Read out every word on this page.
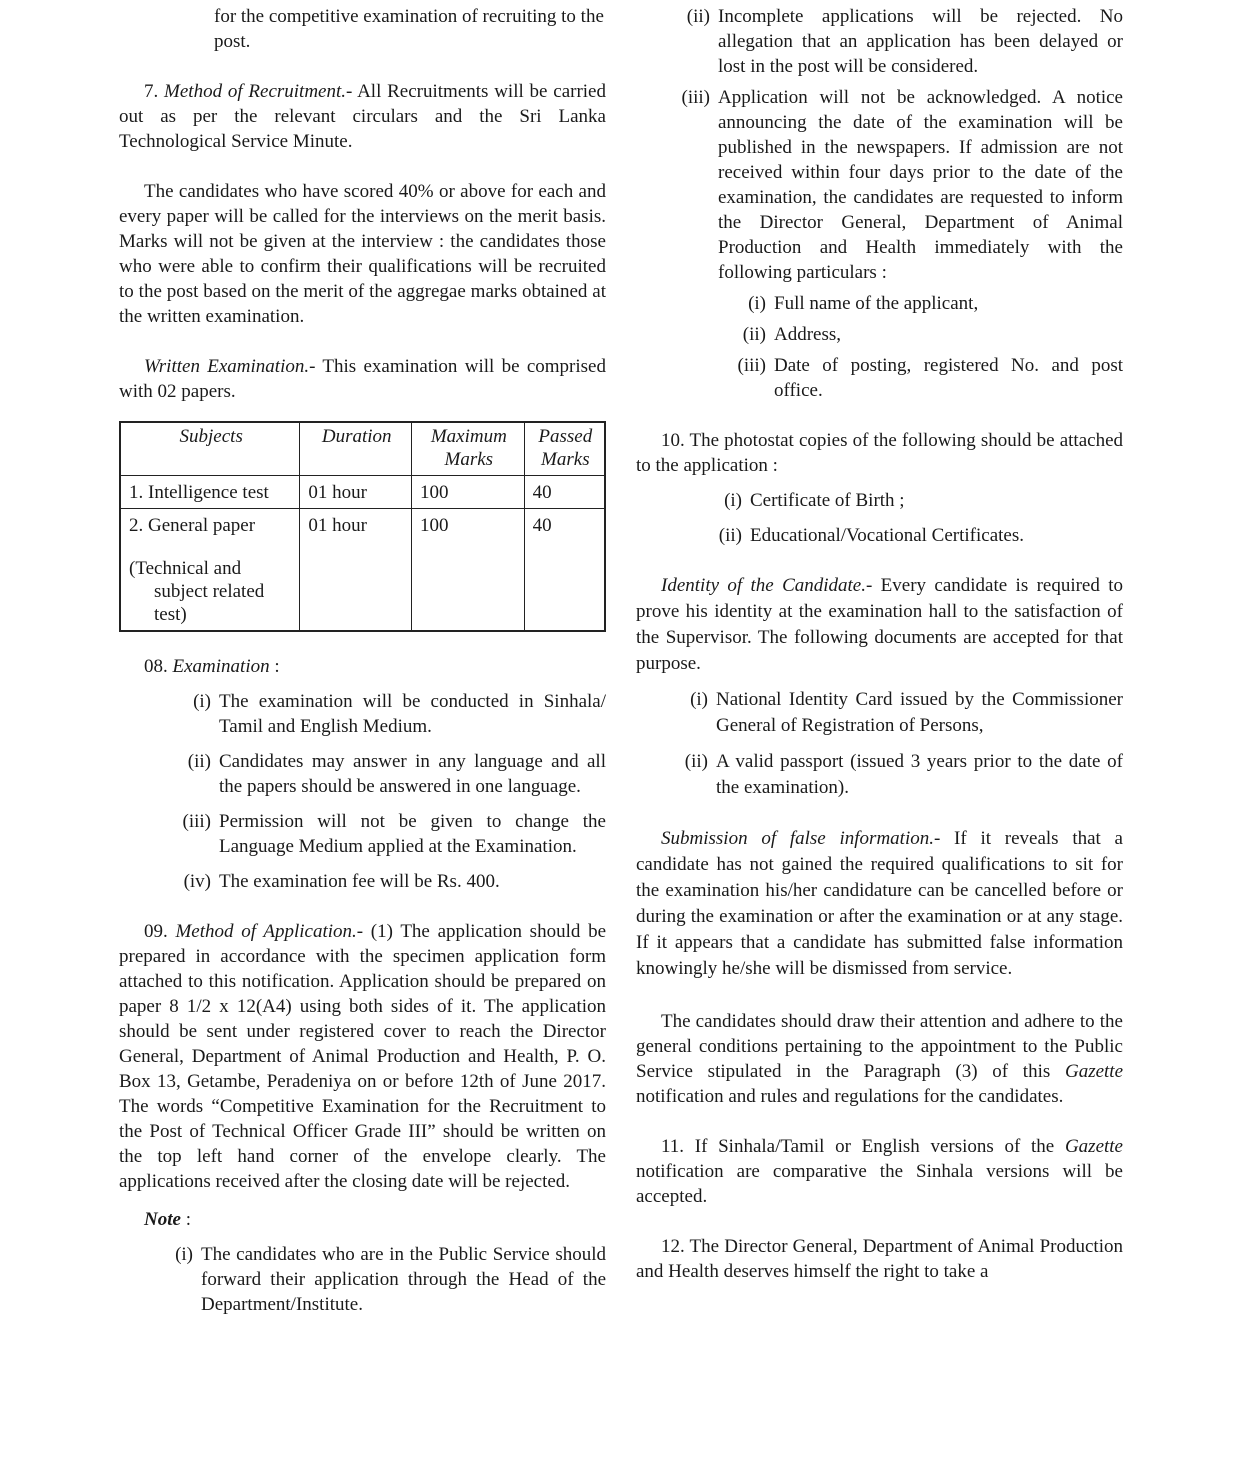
for the competitive examination of recruiting to the post.

7. Method of Recruitment.- All Recruitments will be carried out as per the relevant circulars and the Sri Lanka Technological Service Minute.

The candidates who have scored 40% or above for each and every paper will be called for the interviews on the merit basis. Marks will not be given at the interview : the candidates those who were able to confirm their qualifications will be recruited to the post based on the merit of the aggregae marks obtained at the written examination.

Written Examination.- This examination will be comprised with 02 papers.

Subjects	Duration	Maximum Marks	Passed Marks
1. Intelligence test	01 hour	100	40

2. General paper
(Technical and
subject related
test)	01 hour	100	40

08. Examination :

(i) The examination will be conducted in Sinhala/ Tamil and English Medium.
(ii) Candidates may answer in any language and all the papers should be answered in one language.
(iii) Permission will not be given to change the Language Medium applied at the Examination.
(iv) The examination fee will be Rs. 400.

09. Method of Application.- (1) The application should be prepared in accordance with the specimen application form attached to this notification. Application should be prepared on paper 8 1/2 x 12(A4) using both sides of it. The application should be sent under registered cover to reach the Director General, Department of Animal Production and Health, P. O. Box 13, Getambe, Peradeniya on or before 12th of June 2017. The words “Competitive Examination for the Recruitment to the Post of Technical Officer Grade III” should be written on the top left hand corner of the envelope clearly. The applications received after the closing date will be rejected.

Note :

(i) The candidates who are in the Public Service should forward their application through the Head of the Department/Institute.
(ii) Incomplete applications will be rejected. No allegation that an application has been delayed or lost in the post will be considered.
(iii) Application will not be acknowledged. A notice announcing the date of the examination will be published in the newspapers. If admission are not received within four days prior to the date of the examination, the candidates are requested to inform the Director General, Department of Animal Production and Health immediately with the following particulars :
(i) Full name of the applicant,
(ii) Address,
(iii) Date of posting, registered No. and post office.

10. The photostat copies of the following should be attached to the application :

(i) Certificate of Birth ;
(ii) Educational/Vocational Certificates.

Identity of the Candidate.- Every candidate is required to prove his identity at the examination hall to the satisfaction of the Supervisor. The following documents are accepted for that purpose.

(i) National Identity Card issued by the Commissioner General of Registration of Persons,
(ii) A valid passport (issued 3 years prior to the date of the examination).

Submission of false information.- If it reveals that a candidate has not gained the required qualifications to sit for the examination his/her candidature can be cancelled before or during the examination or after the examination or at any stage. If it appears that a candidate has submitted false information knowingly he/she will be dismissed from service.

The candidates should draw their attention and adhere to the general conditions pertaining to the appointment to the Public Service stipulated in the Paragraph (3) of this Gazette notification and rules and regulations for the candidates.

11. If Sinhala/Tamil or English versions of the Gazette notification are comparative the Sinhala versions will be accepted.

12. The Director General, Department of Animal Production and Health deserves himself the right to take a
